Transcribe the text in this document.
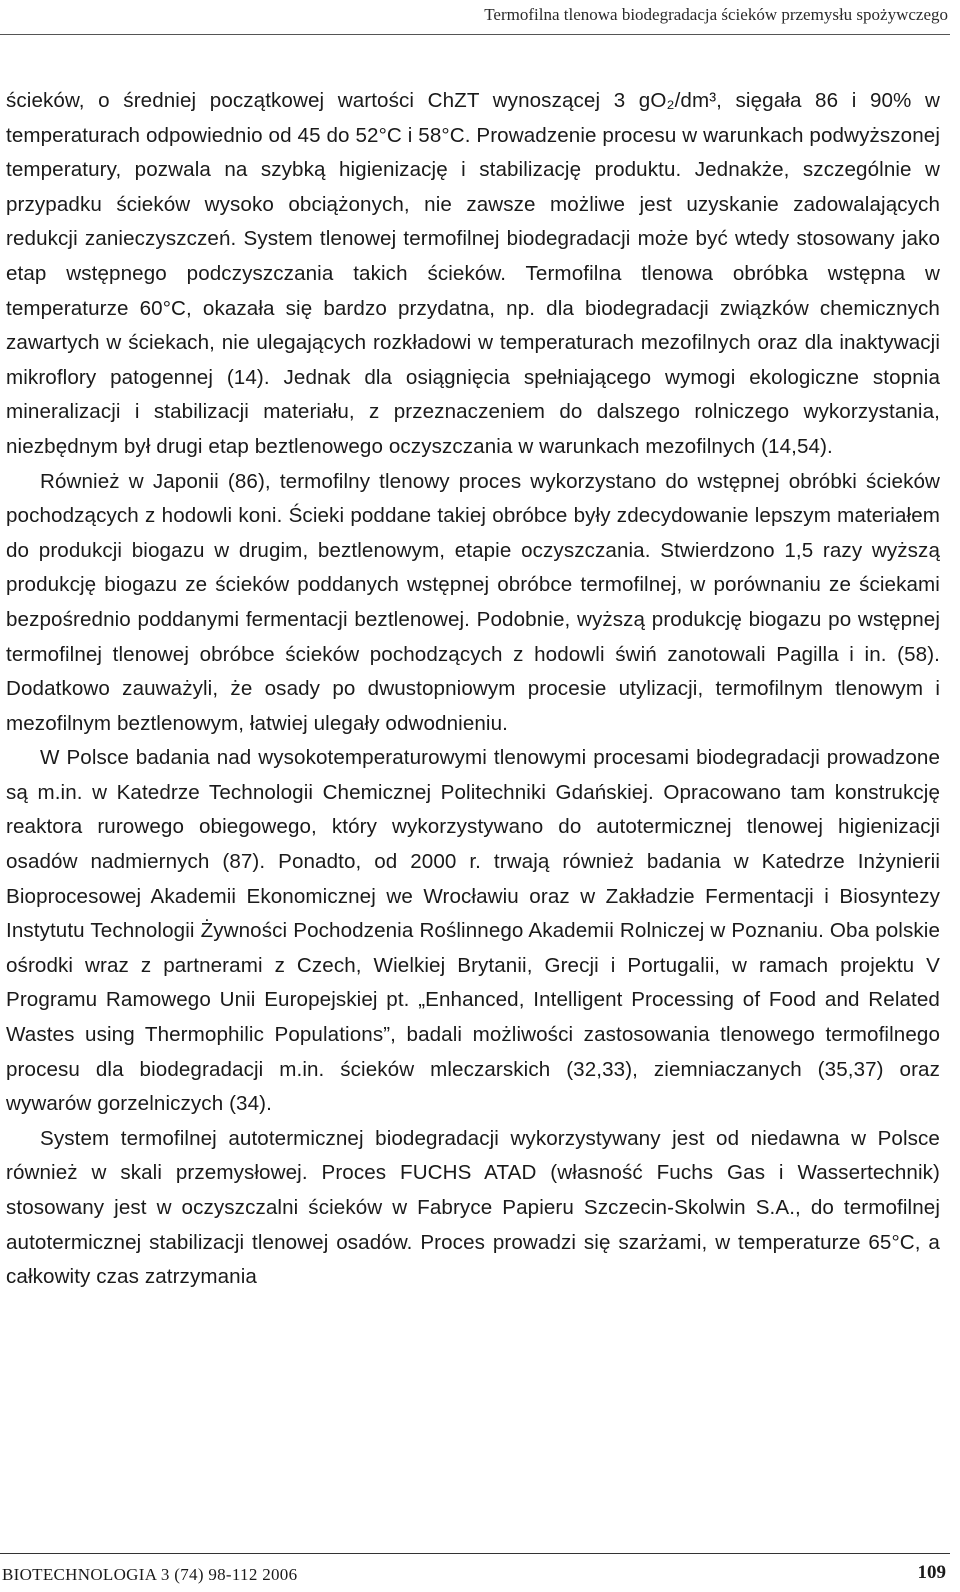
Termofilna tlenowa biodegradacja ścieków przemysłu spożywczego

ścieków, o średniej początkowej wartości ChZT wynoszącej 3 gO₂/dm³, sięgała 86 i 90% w temperaturach odpowiednio od 45 do 52°C i 58°C. Prowadzenie procesu w warunkach podwyższonej temperatury, pozwala na szybką higienizację i stabilizację produktu. Jednakże, szczególnie w przypadku ścieków wysoko obciążonych, nie zawsze możliwe jest uzyskanie zadowalających redukcji zanieczyszczeń. System tlenowej termofilnej biodegradacji może być wtedy stosowany jako etap wstępnego podczyszczania takich ścieków. Termofilna tlenowa obróbka wstępna w temperaturze 60°C, okazała się bardzo przydatna, np. dla biodegradacji związków chemicznych zawartych w ściekach, nie ulegających rozkładowi w temperaturach mezofilnych oraz dla inaktywacji mikroflory patogennej (14). Jednak dla osiągnięcia spełniającego wymogi ekologiczne stopnia mineralizacji i stabilizacji materiału, z przeznaczeniem do dalszego rolniczego wykorzystania, niezbędnym był drugi etap beztlenowego oczyszczania w warunkach mezofilnych (14,54).

Również w Japonii (86), termofilny tlenowy proces wykorzystano do wstępnej obróbki ścieków pochodzących z hodowli koni. Ścieki poddane takiej obróbce były zdecydowanie lepszym materiałem do produkcji biogazu w drugim, beztlenowym, etapie oczyszczania. Stwierdzono 1,5 razy wyższą produkcję biogazu ze ścieków poddanych wstępnej obróbce termofilnej, w porównaniu ze ściekami bezpośrednio poddanymi fermentacji beztlenowej. Podobnie, wyższą produkcję biogazu po wstępnej termofilnej tlenowej obróbce ścieków pochodzących z hodowli świń zanotowali Pagilla i in. (58). Dodatkowo zauważyli, że osady po dwustopniowym procesie utylizacji, termofilnym tlenowym i mezofilnym beztlenowym, łatwiej ulegały odwodnieniu.

W Polsce badania nad wysokotemperaturowymi tlenowymi procesami biodegradacji prowadzone są m.in. w Katedrze Technologii Chemicznej Politechniki Gdańskiej. Opracowano tam konstrukcję reaktora rurowego obiegowego, który wykorzystywano do autotermicznej tlenowej higienizacji osadów nadmiernych (87). Ponadto, od 2000 r. trwają również badania w Katedrze Inżynierii Bioprocesowej Akademii Ekonomicznej we Wrocławiu oraz w Zakładzie Fermentacji i Biosyntezy Instytutu Technologii Żywności Pochodzenia Roślinnego Akademii Rolniczej w Poznaniu. Oba polskie ośrodki wraz z partnerami z Czech, Wielkiej Brytanii, Grecji i Portugalii, w ramach projektu V Programu Ramowego Unii Europejskiej pt. „Enhanced, Intelligent Processing of Food and Related Wastes using Thermophilic Populations”, badali możliwości zastosowania tlenowego termofilnego procesu dla biodegradacji m.in. ścieków mleczarskich (32,33), ziemniaczanych (35,37) oraz wywarów gorzelniczych (34).

System termofilnej autotermicznej biodegradacji wykorzystywany jest od niedawna w Polsce również w skali przemysłowej. Proces FUCHS ATAD (własność Fuchs Gas i Wassertechnik) stosowany jest w oczyszczalni ścieków w Fabryce Papieru Szczecin-Skolwin S.A., do termofilnej autotermicznej stabilizacji tlenowej osadów. Proces prowadzi się szarżami, w temperaturze 65°C, a całkowity czas zatrzymania

BIOTECHNOLOGIA 3 (74) 98-112 2006	109
